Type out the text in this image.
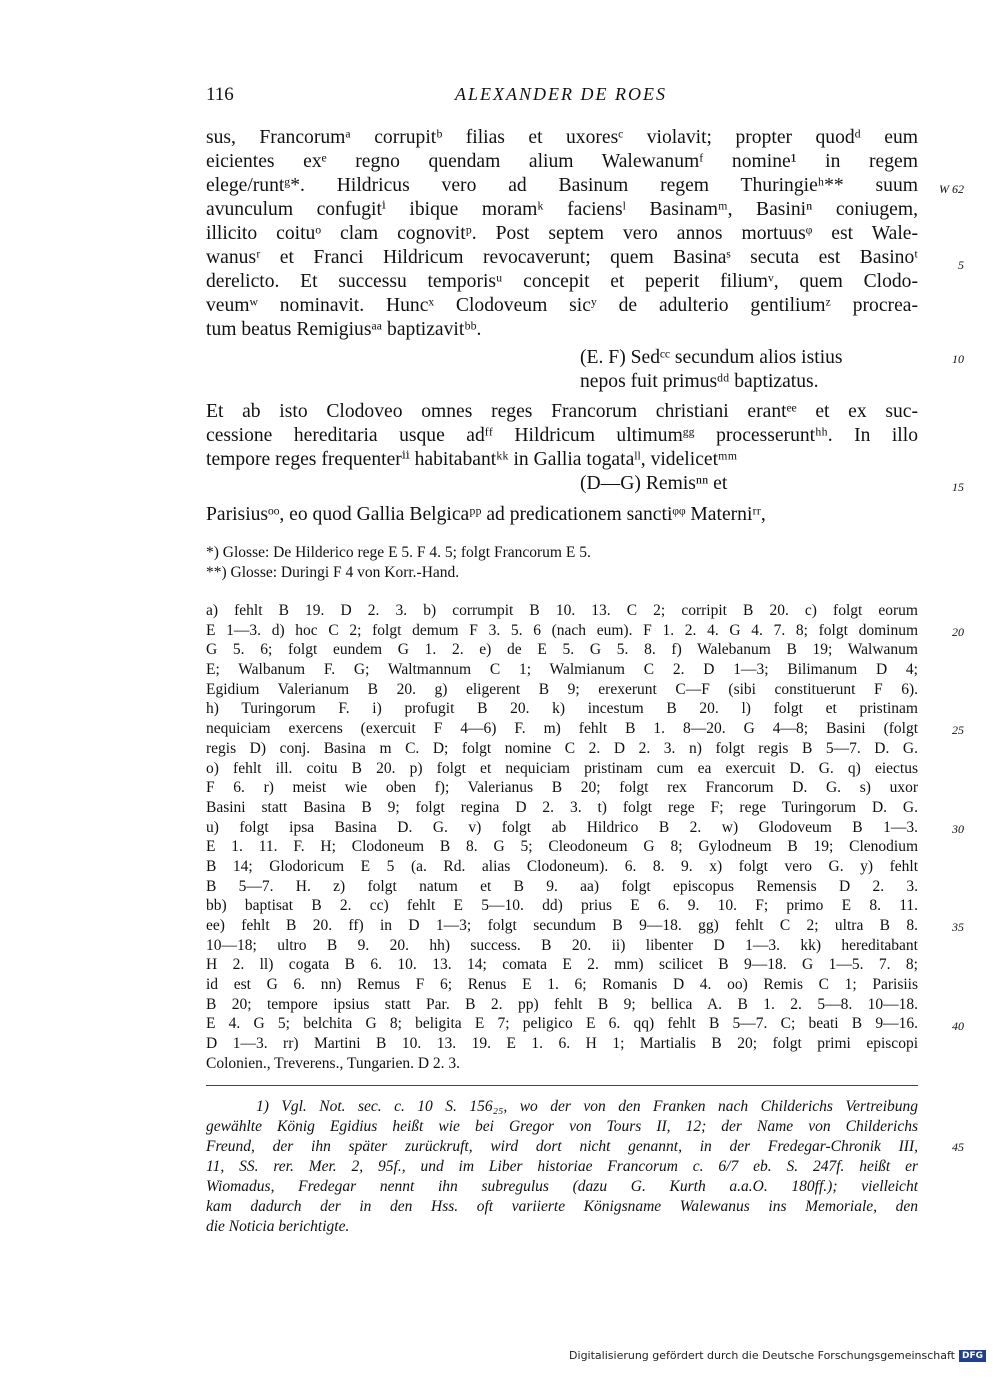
116	ALEXANDER DE ROES
sus, Francorumᵃ corrupitᵇ filias et uxoresᶜ violavit; propter quodᵈ eum
eicientes exᵉ regno quendam alium Walewanumᶠ nomine¹ in regem
elege/runtᵍ*. Hildricus vero ad Basinum regem Thuringieʰ** suum
avunculum confugitⁱ ibique moramᵏ faciensˡ Basinamᵐ, Basiniⁿ coniugem,
illicito coituᵒ clam cognovitᵖ. Post septem vero annos mortuusᵠ est Wale-
wanusʳ et Franci Hildricum revocaverunt; quem Basinaˢ secuta est Basinoᵗ
derelicto. Et successu temporisᵘ concepit et peperit filiumᵛ, quem Clodo-
veumʷ nominavit. Huncˣ Clodoveum sicʸ de adulterio gentiliumᶻ procrea-
tum beatus Remigiusᵃᵃ baptizavitᵇᵇ.
(E. F) Sedᶜᶜ secundum alios istius
nepos fuit primusᵈᵈ baptizatus.
Et ab isto Clodoveo omnes reges Francorum christiani erantᵉᵉ et ex suc-
cessione hereditaria usque adᶠᶠ Hildricum ultimumᵍᵍ processeruntʰʰ. In illo
tempore reges frequenterⁱⁱ habitabantᵏᵏ in Gallia togataˡˡ, videlicetᵐᵐ
(D—G) Remisⁿⁿ et
Parisiusᵒᵒ, eo quod Gallia Belgicaᵖᵖ ad predicationem sanctiᵠᵠ Materniʳʳ,
W 62
5
10
15
20
25
30
35
40
45
*) Glosse: De Hilderico rege E 5. F 4. 5; folgt Francorum E 5.
**) Glosse: Duringi F 4 von Korr.-Hand.
a) fehlt B 19. D 2. 3. b) corrumpit B 10. 13. C 2; corripit B 20. c) folgt eorum
E 1—3. d) hoc C 2; folgt demum F 3. 5. 6 (nach eum). F 1. 2. 4. G 4. 7. 8; folgt dominum
G 5. 6; folgt eundem G 1. 2. e) de E 5. G 5. 8. f) Walebanum B 19; Walwanum
E; Walbanum F. G; Waltmannum C 1; Walmianum C 2. D 1—3; Bilimanum D 4;
Egidium Valerianum B 20. g) eligerent B 9; erexerunt C—F (sibi constituerunt F 6).
h) Turingorum F. i) profugit B 20. k) incestum B 20. l) folgt et pristinam
nequiciam exercens (exercuit F 4—6) F. m) fehlt B 1. 8—20. G 4—8; Basini (folgt
regis D) conj. Basina m C. D; folgt nomine C 2. D 2. 3. n) folgt regis B 5—7. D. G.
o) fehlt ill. coitu B 20. p) folgt et nequiciam pristinam cum ea exercuit D. G. q) eiectus
F 6. r) meist wie oben f); Valerianus B 20; folgt rex Francorum D. G. s) uxor
Basini statt Basina B 9; folgt regina D 2. 3. t) folgt rege F; rege Turingorum D. G.
u) folgt ipsa Basina D. G. v) folgt ab Hildrico B 2. w) Glodoveum B 1—3.
E 1. 11. F. H; Clodoneum B 8. G 5; Cleodoneum G 8; Gylodneum B 19; Clenodium
B 14; Glodoricum E 5 (a. Rd. alias Clodoneum). 6. 8. 9. x) folgt vero G. y) fehlt
B 5—7. H. z) folgt natum et B 9. aa) folgt episcopus Remensis D 2. 3.
bb) baptisat B 2. cc) fehlt E 5—10. dd) prius E 6. 9. 10. F; primo E 8. 11.
ee) fehlt B 20. ff) in D 1—3; folgt secundum B 9—18. gg) fehlt C 2; ultra B 8.
10—18; ultro B 9. 20. hh) success. B 20. ii) libenter D 1—3. kk) hereditabant
H 2. ll) cogata B 6. 10. 13. 14; comata E 2. mm) scilicet B 9—18. G 1—5. 7. 8;
id est G 6. nn) Remus F 6; Renus E 1. 6; Romanis D 4. oo) Remis C 1; Parisiis
B 20; tempore ipsius statt Par. B 2. pp) fehlt B 9; bellica A. B 1. 2. 5—8. 10—18.
E 4. G 5; belchita G 8; beligita E 7; peligico E 6. qq) fehlt B 5—7. C; beati B 9—16.
D 1—3. rr) Martini B 10. 13. 19. E 1. 6. H 1; Martialis B 20; folgt primi episcopi
Colonien., Treverens., Tungarien. D 2. 3.
1) Vgl. Not. sec. c. 10 S. 156₂₅, wo der von den Franken nach Childerichs Vertreibung
gewählte König Egidius heißt wie bei Gregor von Tours II, 12; der Name von Childerichs
Freund, der ihn später zurückruft, wird dort nicht genannt, in der Fredegar-Chronik III,
11, SS. rer. Mer. 2, 95f., und im Liber historiae Francorum c. 6/7 eb. S. 247f. heißt er
Wiomadus, Fredegar nennt ihn subregulus (dazu G. Kurth a.a.O. 180ff.); vielleicht
kam dadurch der in den Hss. oft variierte Königsname Walewanus ins Memoriale, den
die Noticia berichtigte.
Digitalisierung gefördert durch die Deutsche Forschungsgemeinschaft DFG
